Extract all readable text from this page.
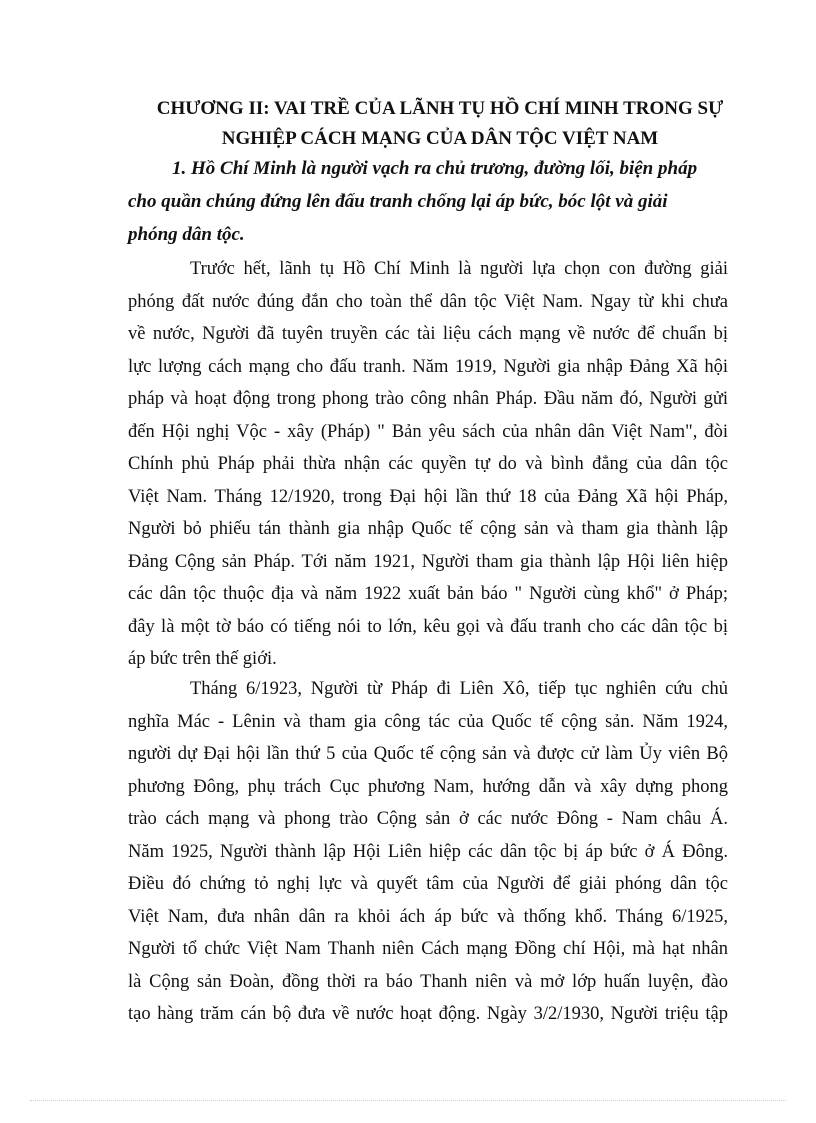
CHƯƠNG II: VAI TRỀ CỦA LÃNH TỤ HỒ CHÍ MINH TRONG SỰ
NGHIỆP CÁCH MẠNG CỦA DÂN TỘC VIỆT NAM
1. Hồ Chí Minh là người vạch ra chủ trương, đường lối, biện pháp
cho quần chúng đứng lên đấu tranh chống lại áp bức, bóc lột và giải
phóng dân tộc.
Trước hết, lãnh tụ Hồ Chí Minh là người lựa chọn con đường giải
phóng đất nước đúng đắn cho toàn thể dân tộc Việt Nam. Ngay từ khi chưa
về nước, Người đã tuyên truyền các tài liệu cách mạng về nước để chuẩn bị
lực lượng cách mạng cho đấu tranh. Năm 1919, Người gia nhập Đảng Xã hội
pháp và hoạt động trong phong trào công nhân Pháp. Đầu năm đó, Người gửi
đến Hội nghị Vộc - xây (Pháp) " Bản yêu sách của nhân dân Việt Nam", đòi
Chính phủ Pháp phải thừa nhận các quyền tự do và bình đẳng của dân tộc
Việt Nam. Tháng 12/1920, trong Đại hội lần thứ 18 của Đảng Xã hội Pháp,
Người bỏ phiếu tán thành gia nhập Quốc tế cộng sản và tham gia thành lập
Đảng Cộng sản Pháp. Tới năm 1921, Người tham gia thành lập Hội liên hiệp
các dân tộc thuộc địa và năm 1922 xuất bản báo " Người cùng khổ" ở Pháp;
đây là một tờ báo có tiếng nói to lớn, kêu gọi và đấu tranh cho các dân tộc bị
áp bức trên thế giới.
Tháng 6/1923, Người từ Pháp đi Liên Xô, tiếp tục nghiên cứu chủ
nghĩa Mác - Lênin và tham gia công tác của Quốc tế cộng sản. Năm 1924,
người dự Đại hội lần thứ 5 của Quốc tế cộng sản và được cử làm Ủy viên Bộ
phương Đông, phụ trách Cục phương Nam, hướng dẫn và xây dựng phong
trào cách mạng và phong trào Cộng sản ở các nước Đông - Nam châu Á.
Năm 1925, Người thành lập Hội Liên hiệp các dân tộc bị áp bức ở Á Đông.
Điều đó chứng tỏ nghị lực và quyết tâm của Người để giải phóng dân tộc
Việt Nam, đưa nhân dân ra khỏi ách áp bức và thống khổ. Tháng 6/1925,
Người tổ chức Việt Nam Thanh niên Cách mạng Đồng chí Hội, mà hạt nhân
là Cộng sản Đoàn, đồng thời ra báo Thanh niên và mở lớp huấn luyện, đào
tạo hàng trăm cán bộ đưa về nước hoạt động. Ngày 3/2/1930, Người triệu tập
